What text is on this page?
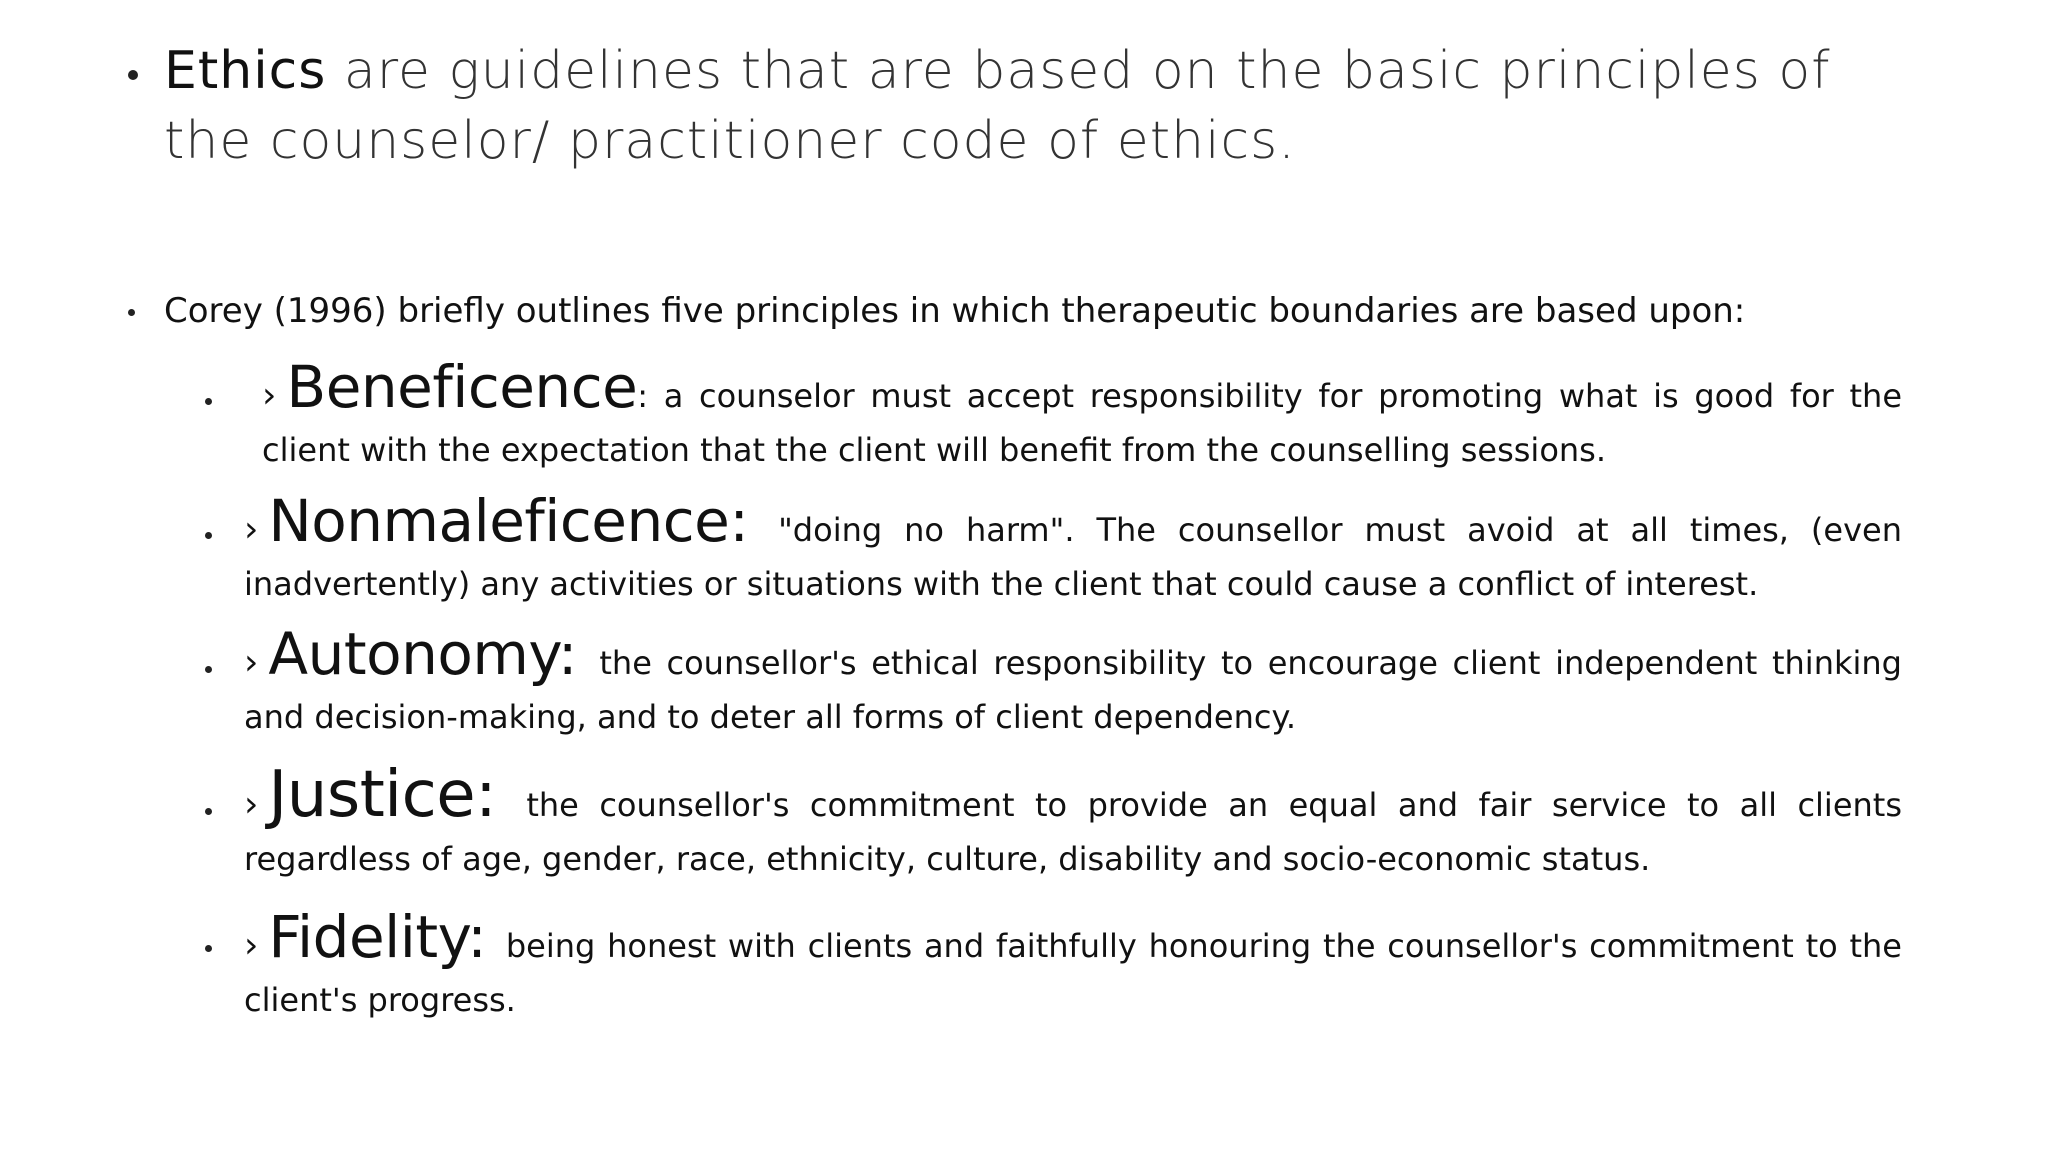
Ethics are guidelines that are based on the basic principles of the counselor/ practitioner code of ethics.
Corey (1996) briefly outlines five principles in which therapeutic boundaries are based upon:
› Beneficence: a counselor must accept responsibility for promoting what is good for the client with the expectation that the client will benefit from the counselling sessions.
› Nonmaleficence: "doing no harm". The counsellor must avoid at all times, (even inadvertently) any activities or situations with the client that could cause a conflict of interest.
› Autonomy: the counsellor's ethical responsibility to encourage client independent thinking and decision-making, and to deter all forms of client dependency.
› Justice: the counsellor's commitment to provide an equal and fair service to all clients regardless of age, gender, race, ethnicity, culture, disability and socio-economic status.
› Fidelity: being honest with clients and faithfully honouring the counsellor's commitment to the client's progress.
